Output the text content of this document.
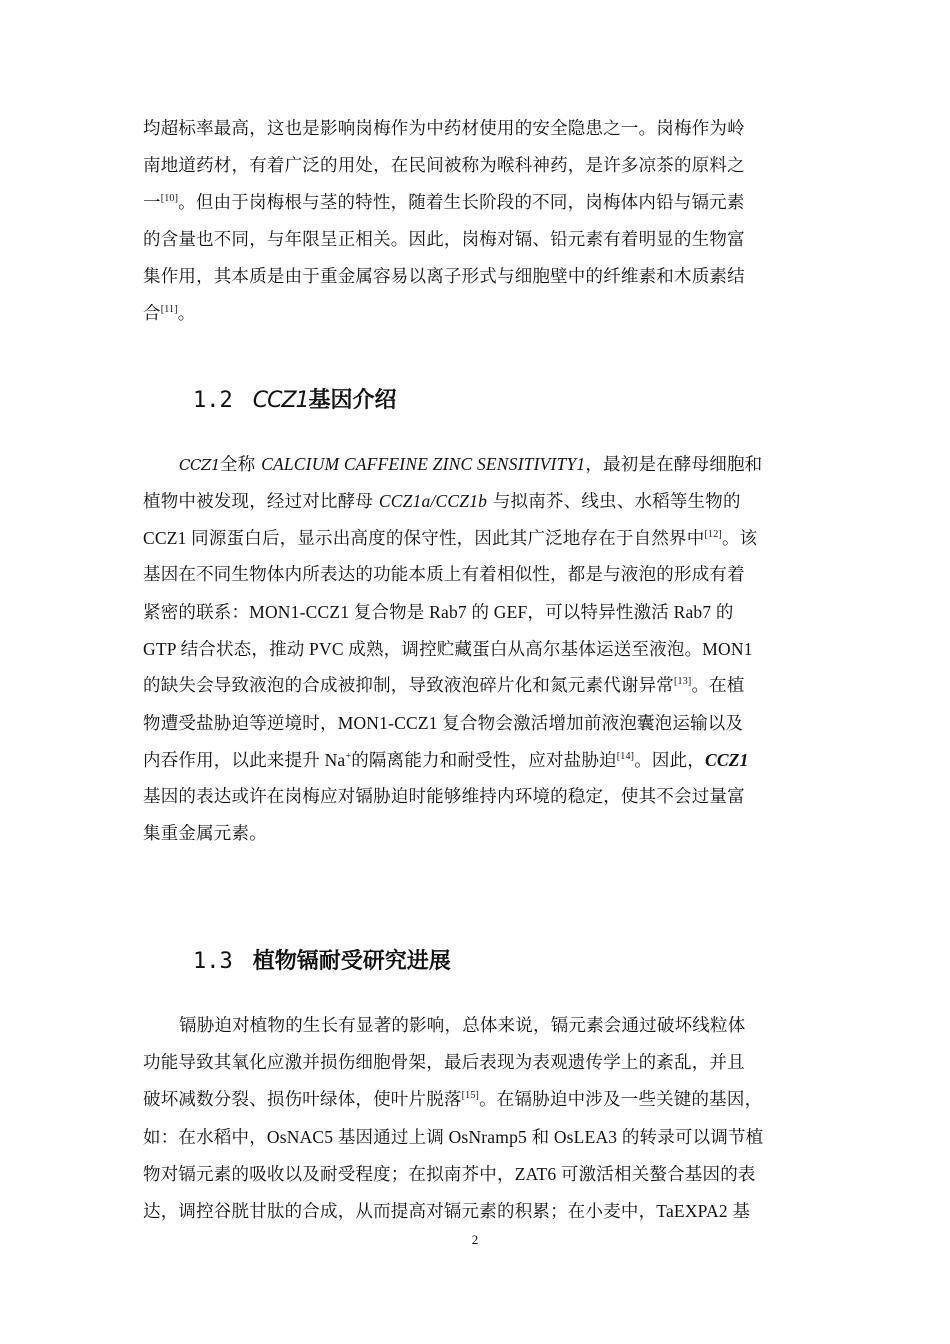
均超标率最高，这也是影响岗梅作为中药材使用的安全隐患之一。岗梅作为岭
南地道药材，有着广泛的用处，在民间被称为喉科神药，是许多凉茶的原料之
一[10]。但由于岗梅根与茎的特性，随着生长阶段的不同，岗梅体内铅与镉元素
的含量也不同，与年限呈正相关。因此，岗梅对镉、铅元素有着明显的生物富
集作用，其本质是由于重金属容易以离子形式与细胞壁中的纤维素和木质素结
合[11]。
1.2 CCZ1基因介绍
CCZ1全称 CALCIUM CAFFEINE ZINC SENSITIVITY1，最初是在酵母细胞和
植物中被发现，经过对比酵母 CCZ1a/CCZ1b 与拟南芥、线虫、水稻等生物的
CCZ1 同源蛋白后，显示出高度的保守性，因此其广泛地存在于自然界中[12]。该
基因在不同生物体内所表达的功能本质上有着相似性，都是与液泡的形成有着
紧密的联系：MON1-CCZ1 复合物是 Rab7 的 GEF，可以特异性激活 Rab7 的
GTP 结合状态，推动 PVC 成熟，调控贮藏蛋白从高尔基体运送至液泡。MON1
的缺失会导致液泡的合成被抑制，导致液泡碎片化和氮元素代谢异常[13]。在植
物遭受盐胁迫等逆境时，MON1-CCZ1 复合物会激活增加前液泡囊泡运输以及
内吞作用，以此来提升 Na+的隔离能力和耐受性，应对盐胁迫[14]。因此，CCZ1
基因的表达或许在岗梅应对镉胁迫时能够维持内环境的稳定，使其不会过量富
集重金属元素。
1.3 植物镉耐受研究进展
镉胁迫对植物的生长有显著的影响，总体来说，镉元素会通过破坏线粒体
功能导致其氧化应激并损伤细胞骨架，最后表现为表观遗传学上的紊乱，并且
破坏减数分裂、损伤叶绿体，使叶片脱落[15]。在镉胁迫中涉及一些关键的基因，
如：在水稻中，OsNAC5 基因通过上调 OsNramp5 和 OsLEA3 的转录可以调节植
物对镉元素的吸收以及耐受程度；在拟南芥中，ZAT6 可激活相关螯合基因的表
达，调控谷胱甘肽的合成，从而提高对镉元素的积累；在小麦中，TaEXPA2 基
2
